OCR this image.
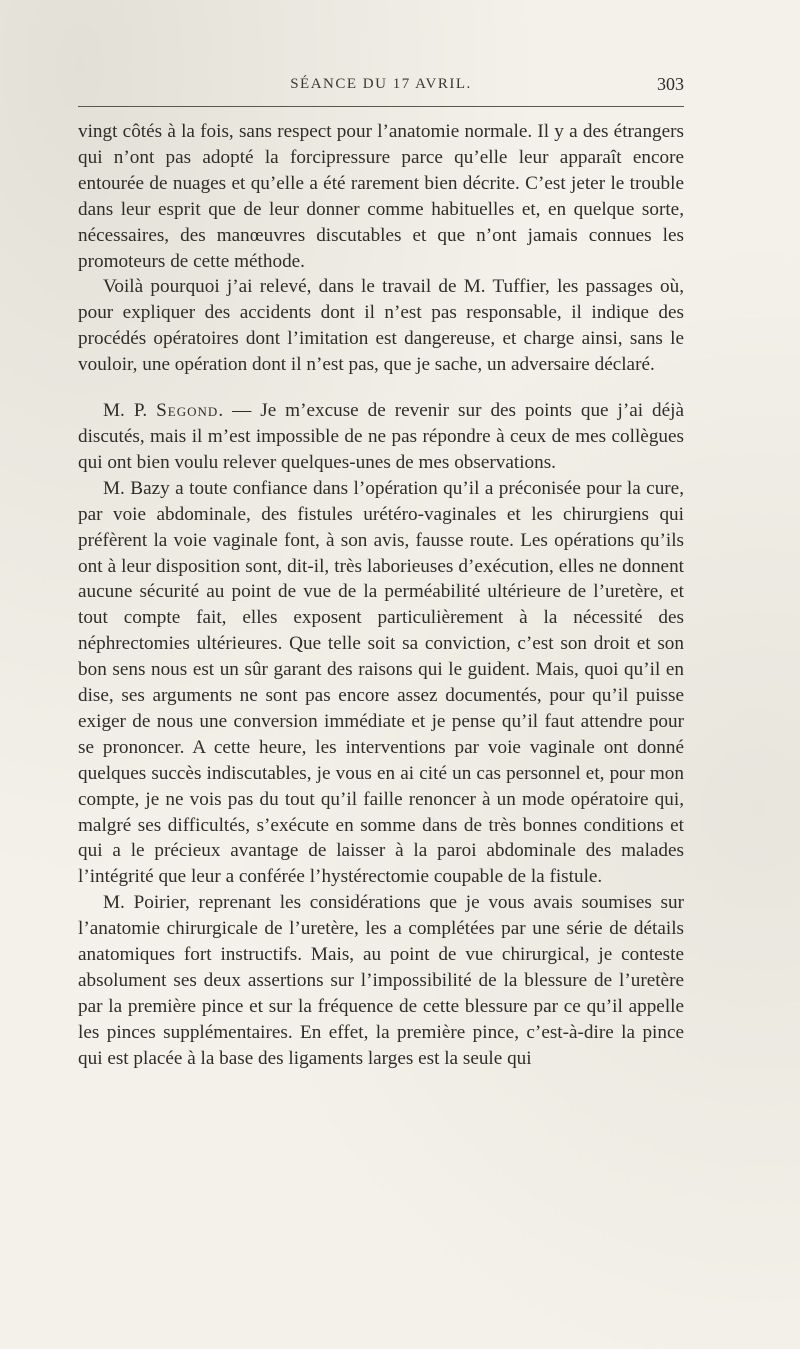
SÉANCE DU 17 AVRIL.	303

vingt côtés à la fois, sans respect pour l’anatomie normale. Il y a des étrangers qui n’ont pas adopté la forcipressure parce qu’elle leur apparaît encore entourée de nuages et qu’elle a été rarement bien décrite. C’est jeter le trouble dans leur esprit que de leur donner comme habituelles et, en quelque sorte, nécessaires, des manœuvres discutables et que n’ont jamais connues les promoteurs de cette méthode.

Voilà pourquoi j’ai relevé, dans le travail de M. Tuffier, les passages où, pour expliquer des accidents dont il n’est pas responsable, il indique des procédés opératoires dont l’imitation est dangereuse, et charge ainsi, sans le vouloir, une opération dont il n’est pas, que je sache, un adversaire déclaré.

M. P. Segond. — Je m’excuse de revenir sur des points que j’ai déjà discutés, mais il m’est impossible de ne pas répondre à ceux de mes collègues qui ont bien voulu relever quelques-unes de mes observations.

M. Bazy a toute confiance dans l’opération qu’il a préconisée pour la cure, par voie abdominale, des fistules urétéro-vaginales et les chirurgiens qui préfèrent la voie vaginale font, à son avis, fausse route. Les opérations qu’ils ont à leur disposition sont, dit-il, très laborieuses d’exécution, elles ne donnent aucune sécurité au point de vue de la perméabilité ultérieure de l’uretère, et tout compte fait, elles exposent particulièrement à la nécessité des néphrectomies ultérieures. Que telle soit sa conviction, c’est son droit et son bon sens nous est un sûr garant des raisons qui le guident. Mais, quoi qu’il en dise, ses arguments ne sont pas encore assez documentés, pour qu’il puisse exiger de nous une conversion immédiate et je pense qu’il faut attendre pour se prononcer. A cette heure, les interventions par voie vaginale ont donné quelques succès indiscutables, je vous en ai cité un cas personnel et, pour mon compte, je ne vois pas du tout qu’il faille renoncer à un mode opératoire qui, malgré ses difficultés, s’exécute en somme dans de très bonnes conditions et qui a le précieux avantage de laisser à la paroi abdominale des malades l’intégrité que leur a conférée l’hystérectomie coupable de la fistule.

M. Poirier, reprenant les considérations que je vous avais soumises sur l’anatomie chirurgicale de l’uretère, les a complétées par une série de détails anatomiques fort instructifs. Mais, au point de vue chirurgical, je conteste absolument ses deux assertions sur l’impossibilité de la blessure de l’uretère par la première pince et sur la fréquence de cette blessure par ce qu’il appelle les pinces supplémentaires. En effet, la première pince, c’est-à-dire la pince qui est placée à la base des ligaments larges est la seule qui
